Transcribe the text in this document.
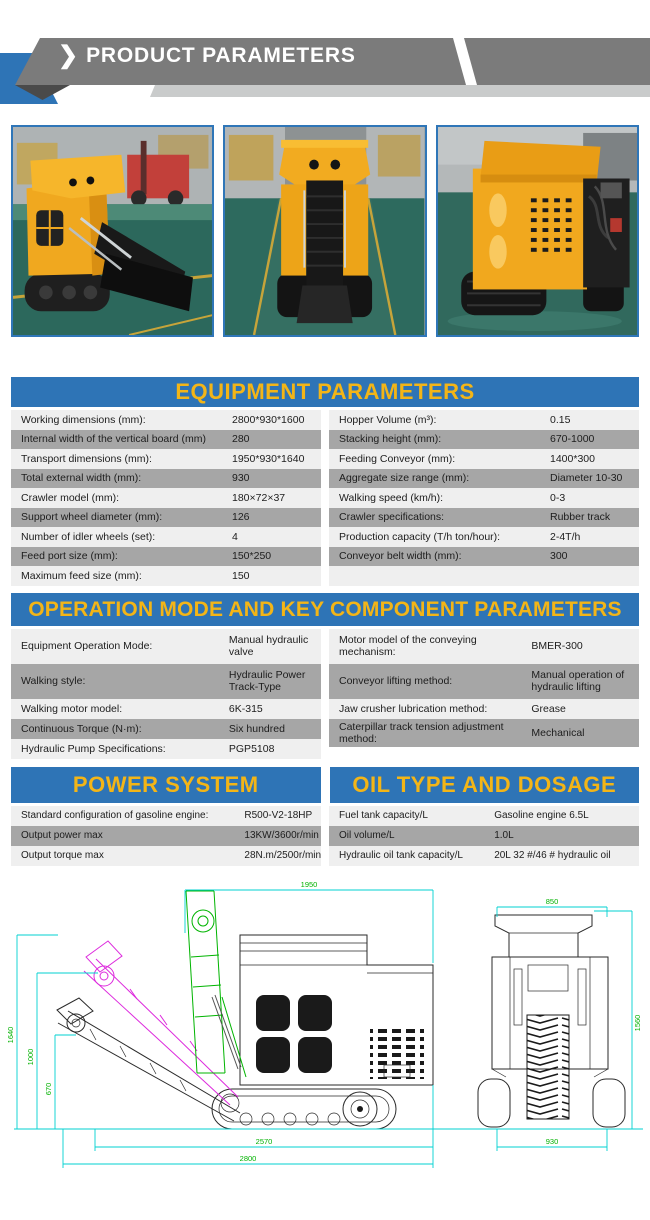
❯ PRODUCT PARAMETERS
EQUIPMENT PARAMETERS
Working dimensions (mm):	2800*930*1600
Internal width of the vertical board (mm)	280
Transport dimensions (mm):	1950*930*1640
Total external width (mm):	930
Crawler model (mm):	180×72×37
Support wheel diameter (mm):	126
Number of idler wheels (set):	4
Feed port size (mm):	150*250
Maximum feed size (mm):	150
Hopper Volume (m³):	0.15
Stacking height (mm):	670-1000
Feeding Conveyor (mm):	1400*300
Aggregate size range (mm):	Diameter 10-30
Walking speed (km/h):	0-3
Crawler specifications:	Rubber track
Production capacity (T/h ton/hour):	2-4T/h
Conveyor belt width (mm):	300
OPERATION MODE AND KEY COMPONENT PARAMETERS
Equipment Operation Mode:	Manual hydraulic valve
Walking style:	Hydraulic Power Track-Type
Walking motor model:	6K-315
Continuous Torque (N·m):	Six hundred
Hydraulic Pump Specifications:	PGP5108
Motor model of the conveying mechanism:	BMER-300
Conveyor lifting method:	Manual operation of hydraulic lifting
Jaw crusher lubrication method:	Grease
Caterpillar track tension adjustment method:	Mechanical
POWER SYSTEM	OIL TYPE AND DOSAGE
Standard configuration of gasoline engine:	R500-V2-18HP
Output power max	13KW/3600r/min
Output torque max	28N.m/2500r/min
Fuel tank capacity/L	Gasoline engine 6.5L
Oil volume/L	1.0L
Hydraulic oil tank capacity/L	20L 32 #/46 # hydraulic oil
1950
1640
1000
670
2570
2800
850
1560
930
